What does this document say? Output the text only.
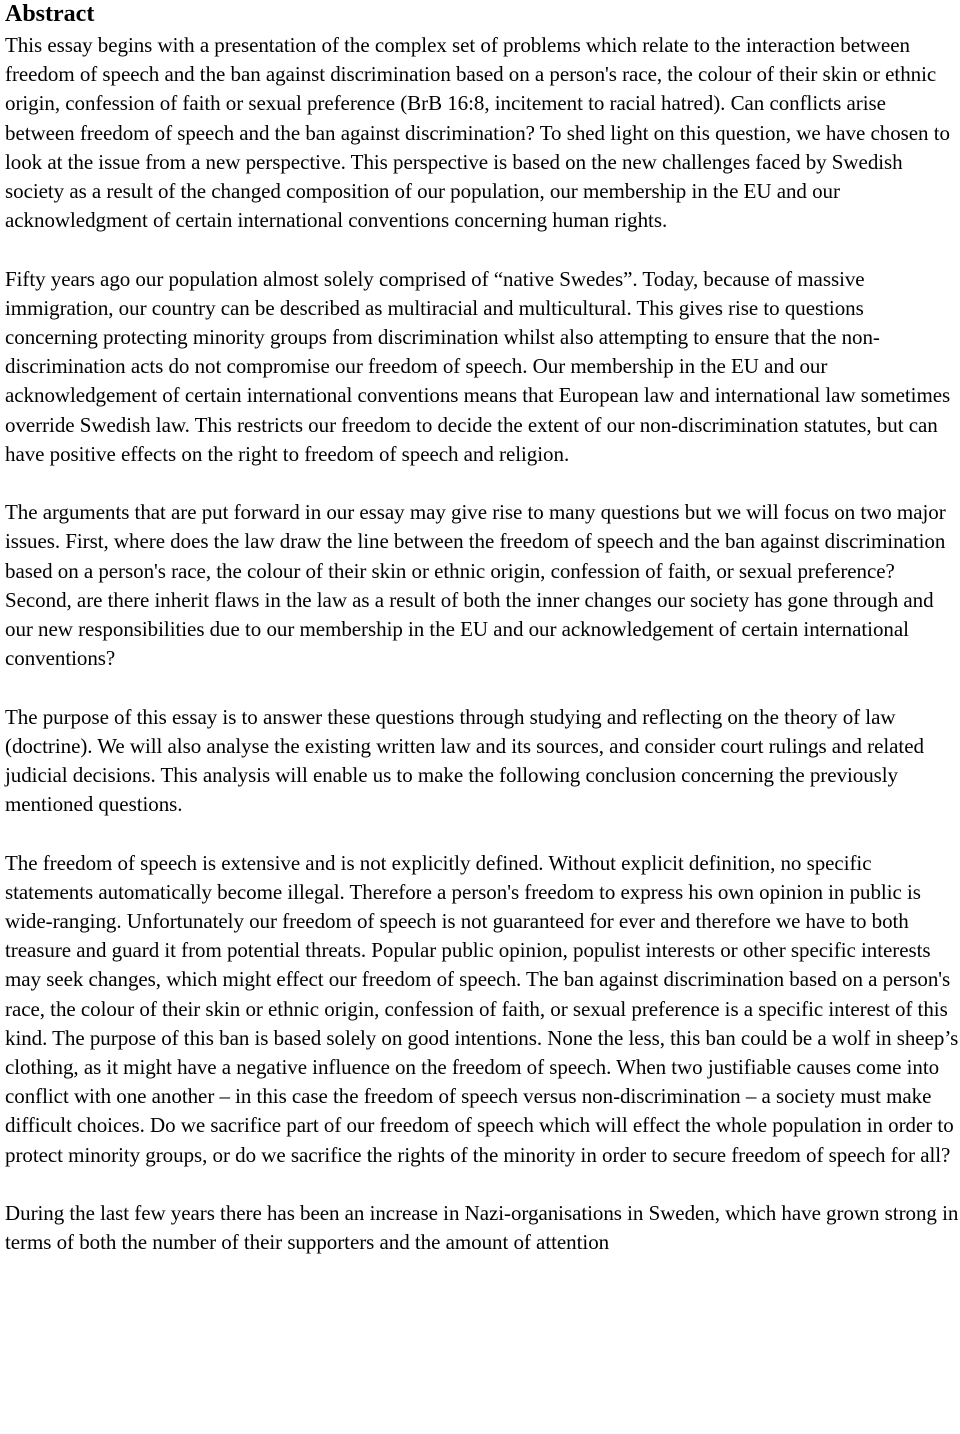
Abstract

This essay begins with a presentation of the complex set of problems which relate to the interaction between freedom of speech and the ban against discrimination based on a person's race, the colour of their skin or ethnic origin, confession of faith or sexual preference (BrB 16:8, incitement to racial hatred). Can conflicts arise between freedom of speech and the ban against discrimination? To shed light on this question, we have chosen to look at the issue from a new perspective. This perspective is based on the new challenges faced by Swedish society as a result of the changed composition of our population, our membership in the EU and our acknowledgment of certain international conventions concerning human rights.

Fifty years ago our population almost solely comprised of “native Swedes”. Today, because of massive immigration, our country can be described as multiracial and multicultural. This gives rise to questions concerning protecting minority groups from discrimination whilst also attempting to ensure that the non-discrimination acts do not compromise our freedom of speech. Our membership in the EU and our acknowledgement of certain international conventions means that European law and international law sometimes override Swedish law. This restricts our freedom to decide the extent of our non-discrimination statutes, but can have positive effects on the right to freedom of speech and religion.

The arguments that are put forward in our essay may give rise to many questions but we will focus on two major issues. First, where does the law draw the line between the freedom of speech and the ban against discrimination based on a person's race, the colour of their skin or ethnic origin, confession of faith, or sexual preference? Second, are there inherit flaws in the law as a result of both the inner changes our society has gone through and our new responsibilities due to our membership in the EU and our acknowledgement of certain international conventions?

The purpose of this essay is to answer these questions through studying and reflecting on the theory of law (doctrine). We will also analyse the existing written law and its sources, and consider court rulings and related judicial decisions. This analysis will enable us to make the following conclusion concerning the previously mentioned questions.

The freedom of speech is extensive and is not explicitly defined. Without explicit definition, no specific statements automatically become illegal. Therefore a person's freedom to express his own opinion in public is wide-ranging. Unfortunately our freedom of speech is not guaranteed for ever and therefore we have to both treasure and guard it from potential threats. Popular public opinion, populist interests or other specific interests may seek changes, which might effect our freedom of speech. The ban against discrimination based on a person's race, the colour of their skin or ethnic origin, confession of faith, or sexual preference is a specific interest of this kind. The purpose of this ban is based solely on good intentions. None the less, this ban could be a wolf in sheep’s clothing, as it might have a negative influence on the freedom of speech. When two justifiable causes come into conflict with one another – in this case the freedom of speech versus non-discrimination – a society must make difficult choices. Do we sacrifice part of our freedom of speech which will effect the whole population in order to protect minority groups, or do we sacrifice the rights of the minority in order to secure freedom of speech for all?

During the last few years there has been an increase in Nazi-organisations in Sweden, which have grown strong in terms of both the number of their supporters and the amount of attention
